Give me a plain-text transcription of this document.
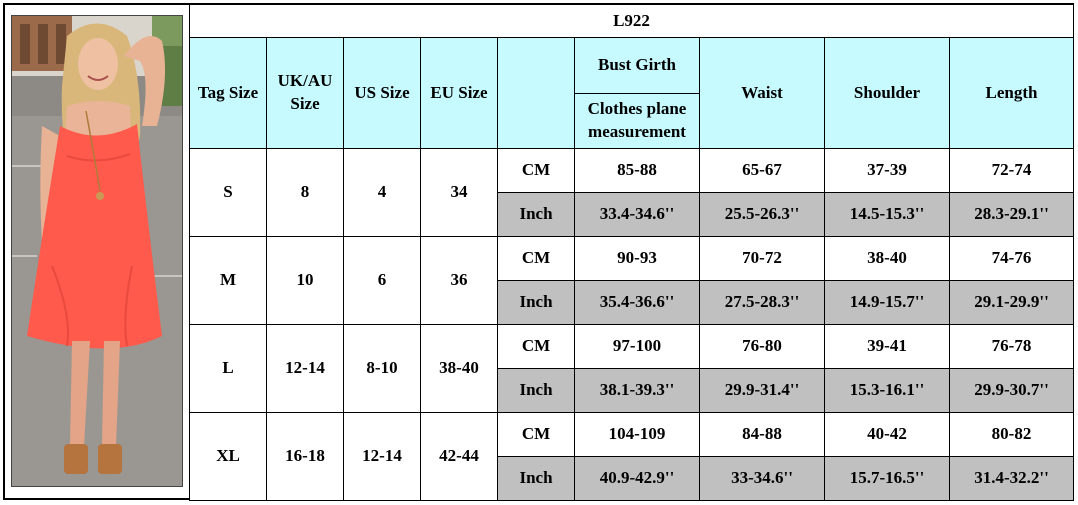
L922								
Tag Size	UK/AU Size	US Size	EU Size		Bust Girth	Waist	Shoulder	Length
					Clothes plane measurement			
S	8	4	34	CM	85-88	65-67	37-39	72-74
				Inch	33.4-34.6''	25.5-26.3''	14.5-15.3''	28.3-29.1''
M	10	6	36	CM	90-93	70-72	38-40	74-76
				Inch	35.4-36.6''	27.5-28.3''	14.9-15.7''	29.1-29.9''
L	12-14	8-10	38-40	CM	97-100	76-80	39-41	76-78
				Inch	38.1-39.3''	29.9-31.4''	15.3-16.1''	29.9-30.7''
XL	16-18	12-14	42-44	CM	104-109	84-88	40-42	80-82
				Inch	40.9-42.9''	33-34.6''	15.7-16.5''	31.4-32.2''
